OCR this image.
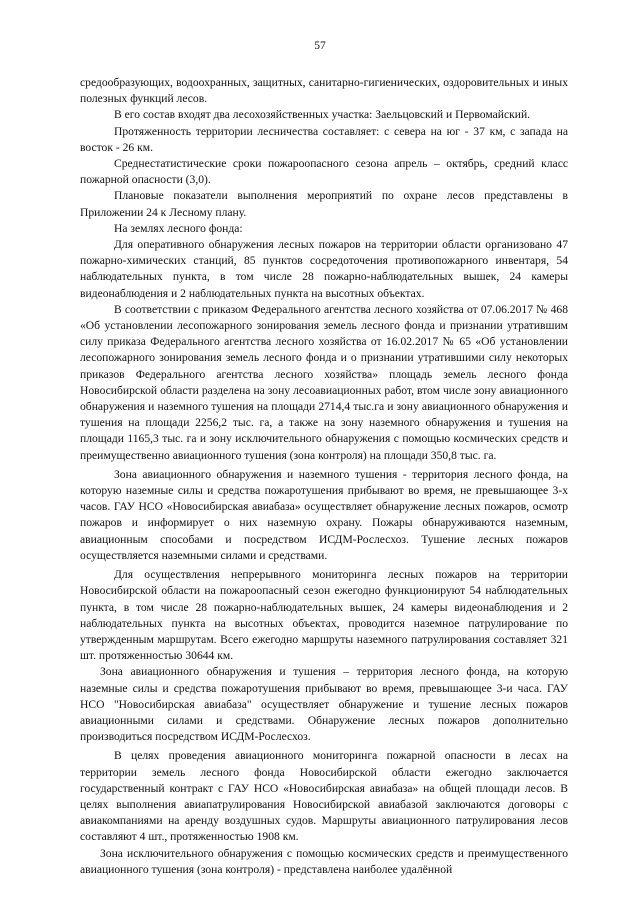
57

средообразующих, водоохранных, защитных, санитарно-гигиенических, оздоровительных и иных полезных функций лесов.

В его состав входят два лесохозяйственных участка: Заельцовский и Первомайский.

Протяженность территории лесничества составляет: с севера на юг - 37 км, с запада на восток - 26 км.

Среднестатистические сроки пожароопасного сезона апрель – октябрь, средний класс пожарной опасности (3,0).

Плановые показатели выполнения мероприятий по охране лесов представлены в Приложении 24 к Лесному плану.

На землях лесного фонда:

Для оперативного обнаружения лесных пожаров на территории области организовано 47 пожарно-химических станций, 85 пунктов сосредоточения противопожарного инвентаря, 54 наблюдательных пункта, в том числе 28 пожарно-наблюдательных вышек, 24 камеры видеонаблюдения и 2 наблюдательных пункта на высотных объектах.

В соответствии с приказом Федерального агентства лесного хозяйства от 07.06.2017 № 468 «Об установлении лесопожарного зонирования земель лесного фонда и признании утратившим силу приказа Федерального агентства лесного хозяйства от 16.02.2017 № 65 «Об установлении лесопожарного зонирования земель лесного фонда и о признании утратившими силу некоторых приказов Федерального агентства лесного хозяйства» площадь земель лесного фонда Новосибирской области разделена на зону лесоавиационных работ, втом числе зону авиационного обнаружения и наземного тушения на площади 2714,4 тыс.га и зону авиационного обнаружения и тушения на площади 2256,2 тыс. га, а также на зону наземного обнаружения и тушения на площади 1165,3 тыс. га и зону исключительного обнаружения с помощью космических средств и преимущественно авиационного тушения (зона контроля) на площади 350,8 тыс. га.

Зона авиационного обнаружения и наземного тушения - территория лесного фонда, на которую наземные силы и средства пожаротушения прибывают во время, не превышающее 3-х часов. ГАУ НСО «Новосибирская авиабаза» осуществляет обнаружение лесных пожаров, осмотр пожаров и информирует о них наземную охрану. Пожары обнаруживаются наземным, авиационным способами и посредством ИСДМ-Рослесхоз. Тушение лесных пожаров осуществляется наземными силами и средствами.

Для осуществления непрерывного мониторинга лесных пожаров на территории Новосибирской области на пожароопасный сезон ежегодно функционируют 54 наблюдательных пункта, в том числе 28 пожарно-наблюдательных вышек, 24 камеры видеонаблюдения и 2 наблюдательных пункта на высотных объектах, проводится наземное патрулирование по утвержденным маршрутам. Всего ежегодно маршруты наземного патрулирования составляет 321 шт. протяженностью 30644 км.

Зона авиационного обнаружения и тушения – территория лесного фонда, на которую наземные силы и средства пожаротушения прибывают во время, превышающее 3-и часа. ГАУ НСО "Новосибирская авиабаза" осуществляет обнаружение и тушение лесных пожаров авиационными силами и средствами. Обнаружение лесных пожаров дополнительно производиться посредством ИСДМ-Рослесхоз.

В целях проведения авиационного мониторинга пожарной опасности в лесах на территории земель лесного фонда Новосибирской области ежегодно заключается государственный контракт с ГАУ НСО «Новосибирская авиабаза» на общей площади лесов. В целях выполнения авиапатрулирования Новосибирской авиабазой заключаются договоры с авиакомпаниями на аренду воздушных судов. Маршруты авиационного патрулирования лесов составляют 4 шт., протяженностью 1908 км.

Зона исключительного обнаружения с помощью космических средств и преимущественного авиационного тушения (зона контроля) - представлена наиболее удалённой
